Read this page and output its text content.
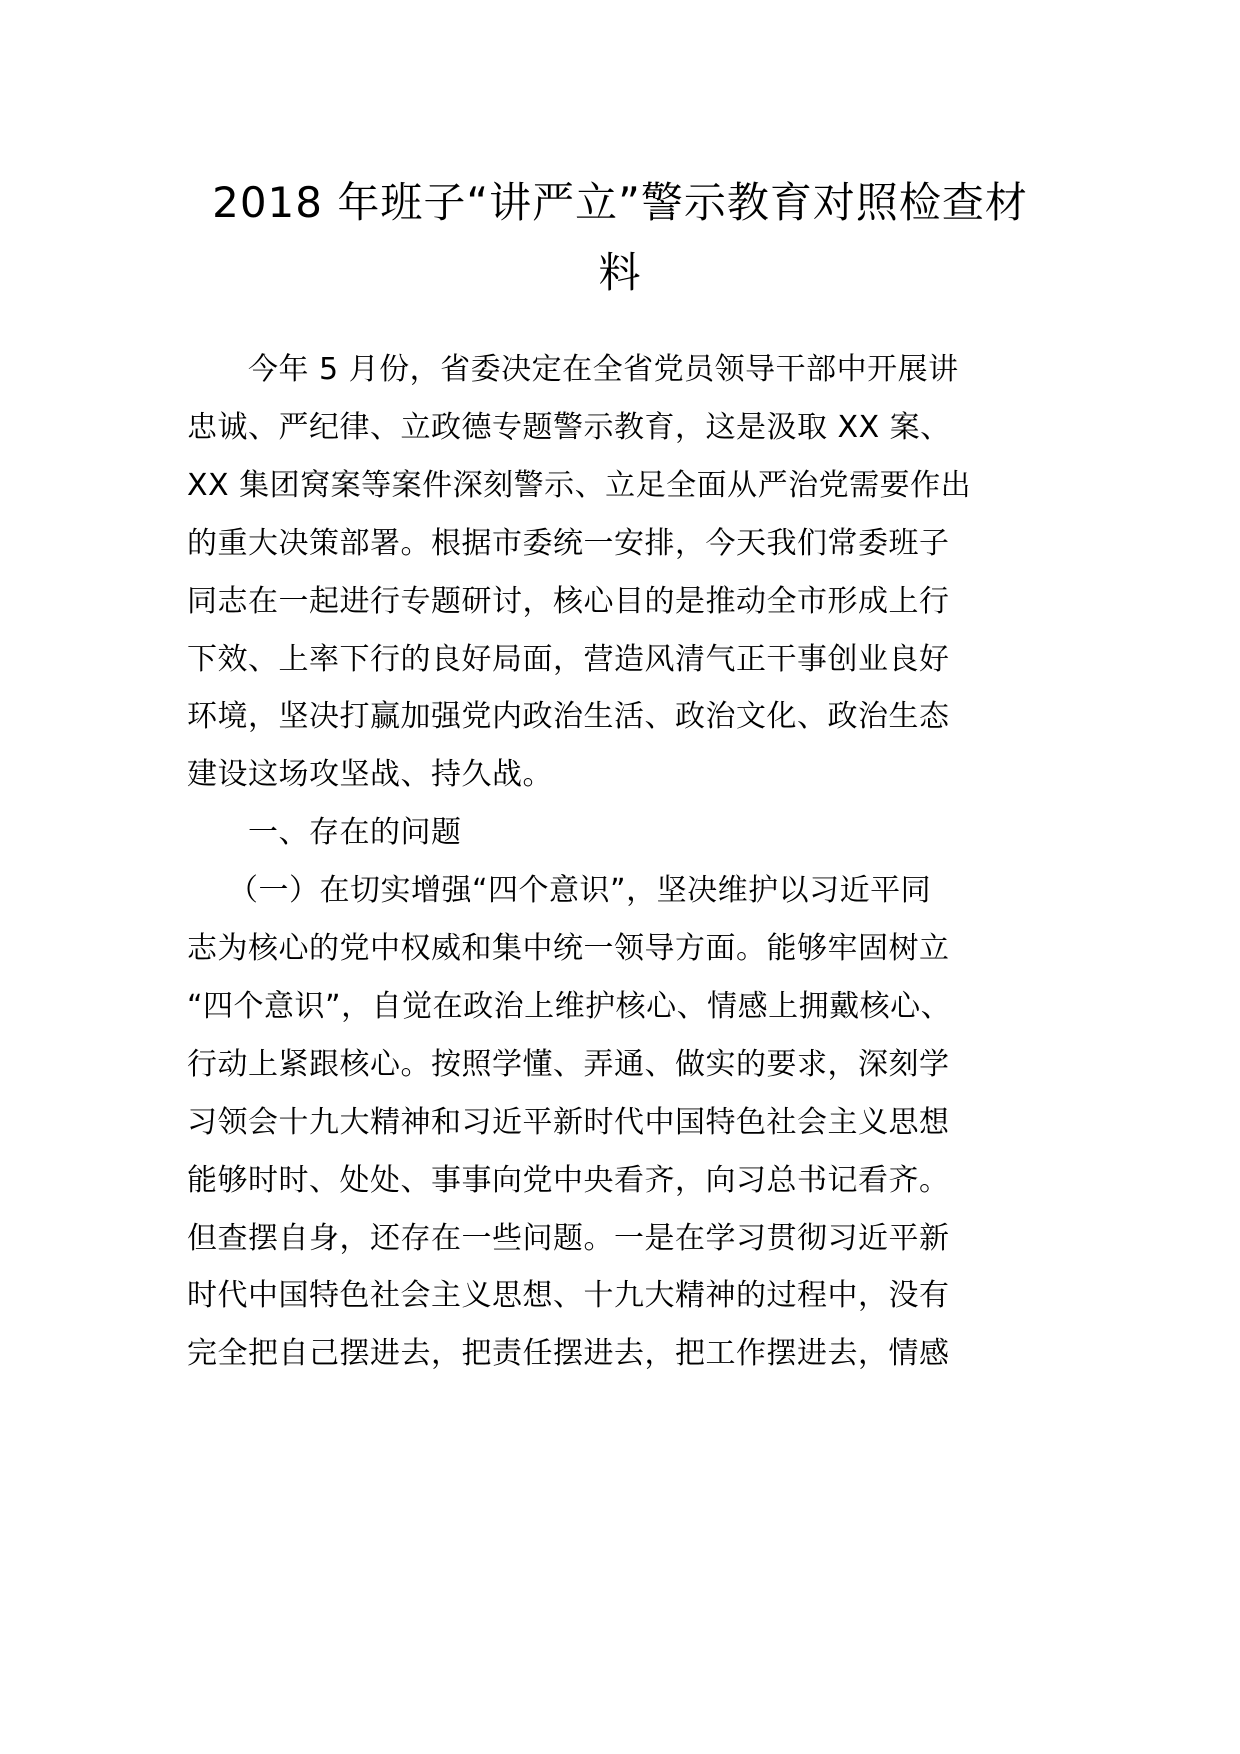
2018 年班子“讲严立”警示教育对照检查材
料
今年 5 月份，省委决定在全省党员领导干部中开展讲
忠诚、严纪律、立政德专题警示教育，这是汲取 XX 案、
XX 集团窝案等案件深刻警示、立足全面从严治党需要作出
的重大决策部署。根据市委统一安排，今天我们常委班子
同志在一起进行专题研讨，核心目的是推动全市形成上行
下效、上率下行的良好局面，营造风清气正干事创业良好
环境，坚决打赢加强党内政治生活、政治文化、政治生态
建设这场攻坚战、持久战。
一、存在的问题
（一）在切实增强“四个意识”，坚决维护以习近平同
志为核心的党中权威和集中统一领导方面。能够牢固树立
“四个意识”，自觉在政治上维护核心、情感上拥戴核心、
行动上紧跟核心。按照学懂、弄通、做实的要求，深刻学
习领会十九大精神和习近平新时代中国特色社会主义思想
能够时时、处处、事事向党中央看齐，向习总书记看齐。
但查摆自身，还存在一些问题。一是在学习贯彻习近平新
时代中国特色社会主义思想、十九大精神的过程中，没有
完全把自己摆进去，把责任摆进去，把工作摆进去，情感
